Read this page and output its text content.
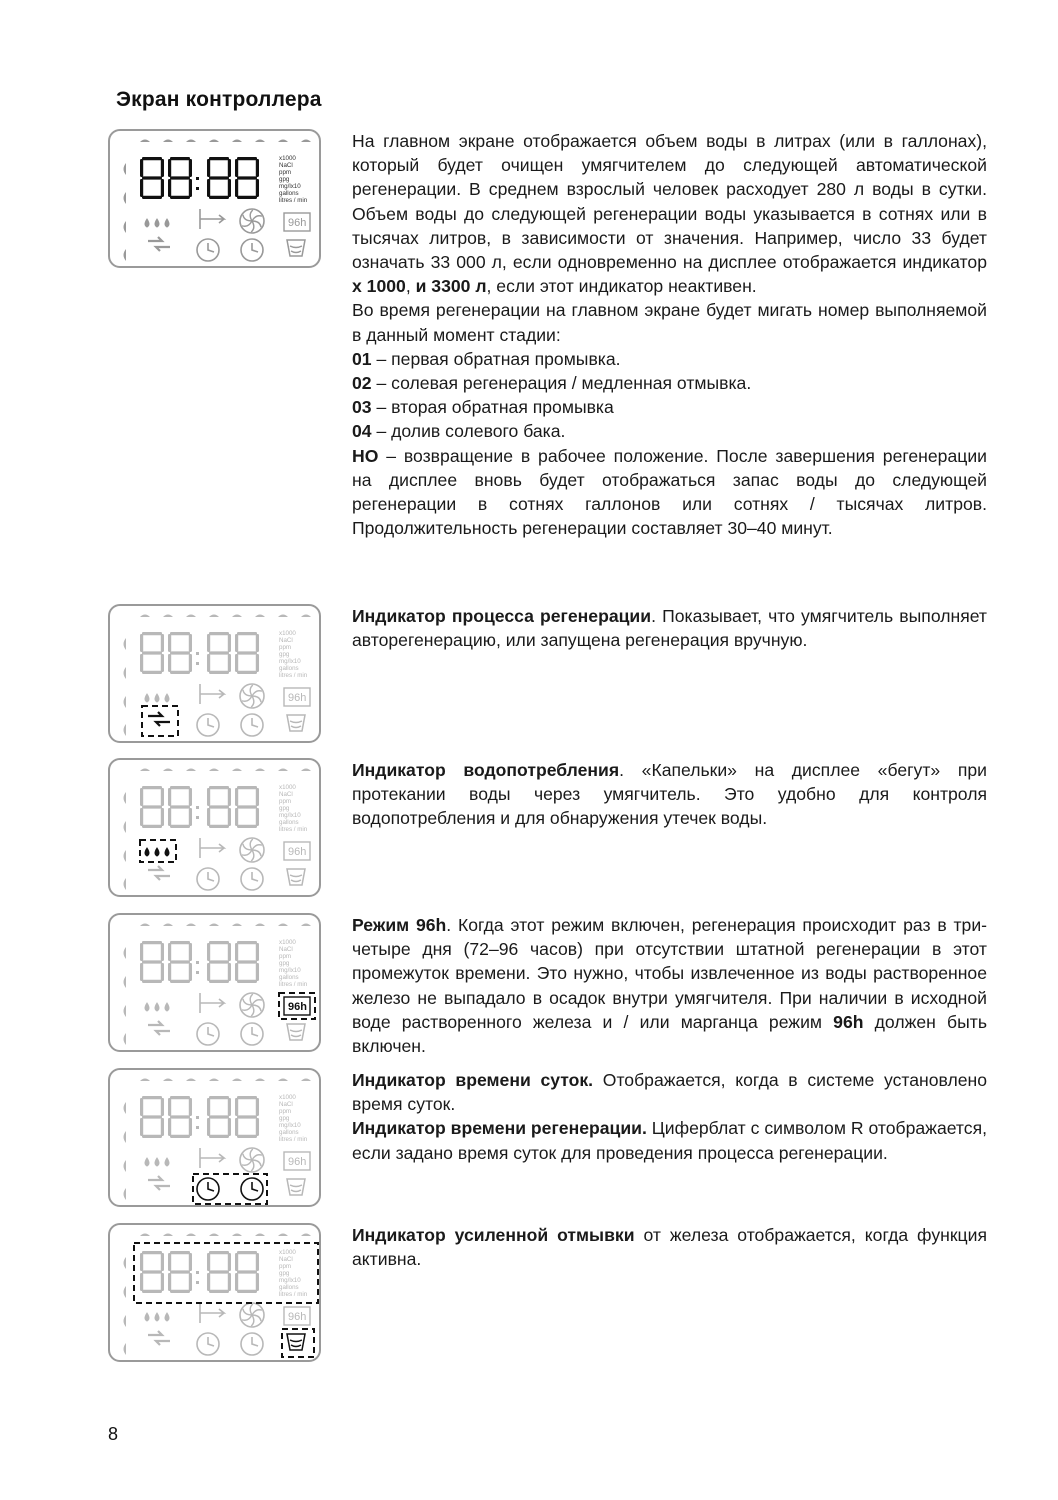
Экран контроллера
x1000
NaCl
ppm
gpg
mg/lx10
gallons
litres / min
96h
x1000
NaCl
ppm
gpg
mg/lx10
gallons
litres / min
96h
x1000
NaCl
ppm
gpg
mg/lx10
gallons
litres / min
96h
x1000
NaCl
ppm
gpg
mg/lx10
gallons
litres / min
96h
x1000
NaCl
ppm
gpg
mg/lx10
gallons
litres / min
96h
x1000
NaCl
ppm
gpg
mg/lx10
gallons
litres / min
96h

На главном экране отображается объем воды в литрах (или в галлонах), который будет очищен умягчителем до следующей автоматической регенерации. В среднем взрослый человек расходует 280 л воды в сутки. Объем воды до следующей регенерации воды указывается в сотнях или в тысячах литров, в зависимости от значения. Например, число 33 будет означать 33 000 л, если одновременно на дисплее отображается индикатор x 1000, и 3300 л, если этот индикатор неактивен.

Во время регенерации на главном экране будет мигать номер выполняемой в данный момент стадии:

01 – первая обратная промывка.

02 – солевая регенерация / медленная отмывка.

03 – вторая обратная промывка

04 – долив солевого бака.

НО – возвращение в рабочее положение. После завершения регенерации на дисплее вновь будет отображаться запас воды до следующей регенерации в сотнях галлонов или сотнях / тысячах литров. Продолжительность регенерации составляет 30–40 минут.

Индикатор процесса регенерации. Показывает, что умягчитель выполняет авторегенерацию, или запущена регенерация вручную.

Индикатор водопотребления. «Капельки» на дисплее «бегут» при протекании воды через умягчитель. Это удобно для контроля водопотребления и для обнаружения утечек воды.

Режим 96h. Когда этот режим включен, регенерация происходит раз в три-четыре дня (72–96 часов) при отсутствии штатной регенерации в этот промежуток времени. Это нужно, чтобы извлеченное из воды растворенное железо не выпадало в осадок внутри умягчителя. При наличии в исходной воде растворенного железа и / или марганца режим 96h должен быть включен.

Индикатор времени суток. Отображается, когда в системе установлено время суток.

Индикатор времени регенерации. Циферблат с символом R отображается, если задано время суток для проведения процесса регенерации.

Индикатор усиленной отмывки от железа отображается, когда функция активна.

8
